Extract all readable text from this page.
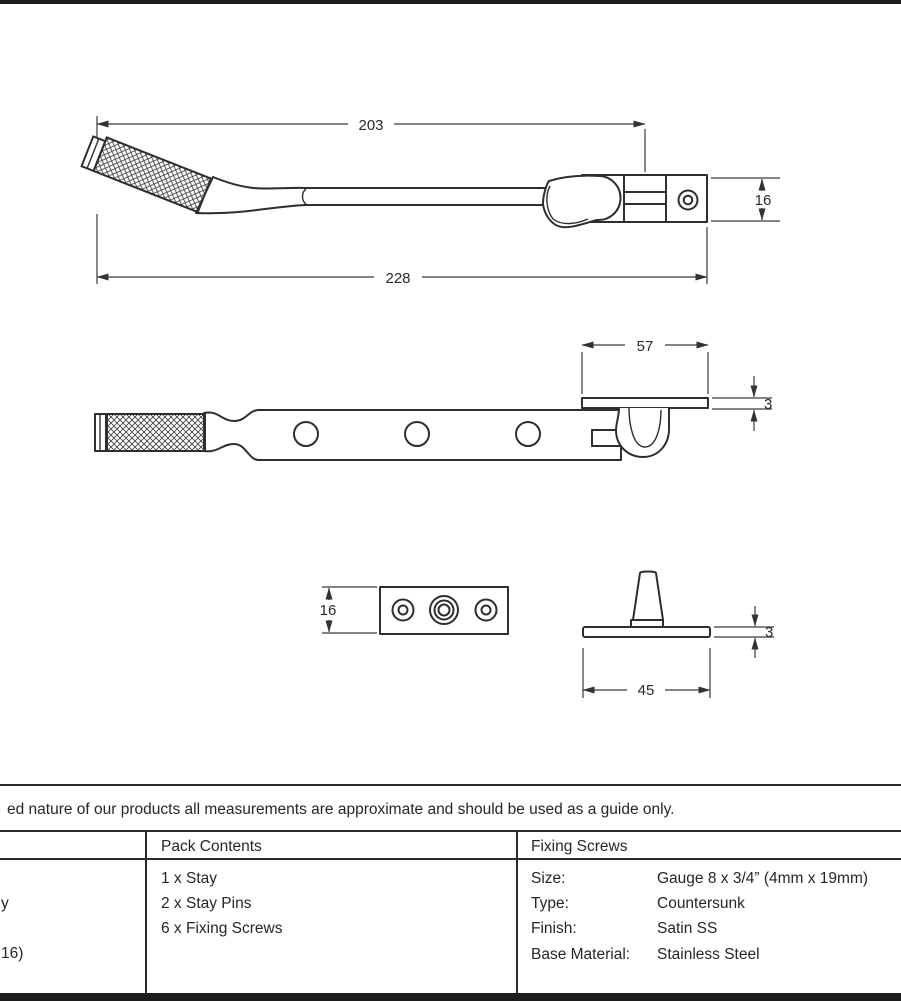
203
228
16
57
3
16
3
45
ed nature of our products all measurements are approximate and should be used as a guide only.
Pack Contents	Fixing Screws
y
16)
1 x Stay
2 x Stay Pins
6 x Fixing Screws
Size:
Type:
Finish:
Base Material:
Gauge 8 x 3/4” (4mm x 19mm)
Countersunk
Satin SS
Stainless Steel
